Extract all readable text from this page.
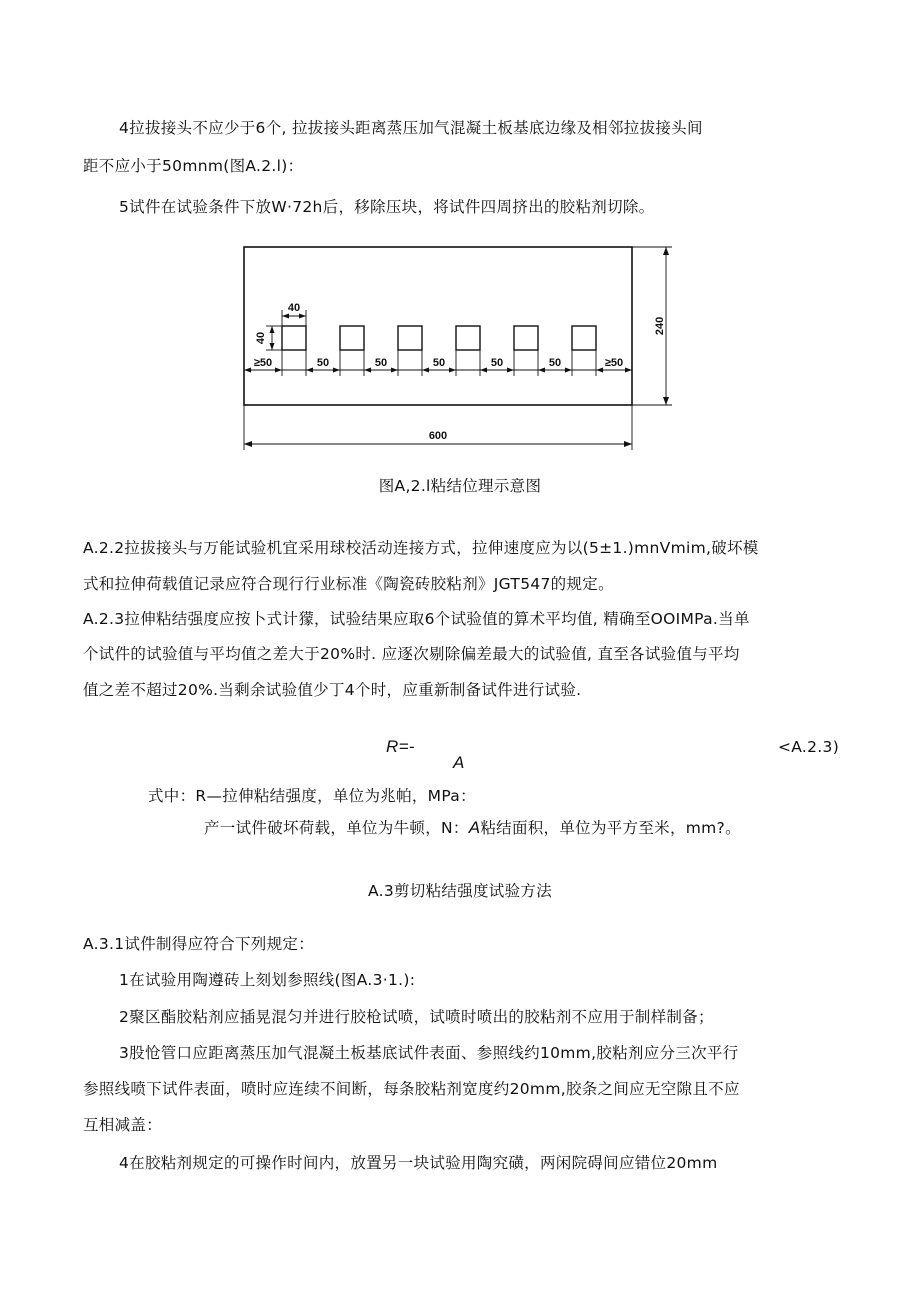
4拉拔接头不应少于6个, 拉拔接头距离蒸压加气混凝土板基底边缘及相邻拉拔接头间
距不应小于50mnm(图A.2.l)：
5试件在试验条件下放W·72h后，移除压块，将试件四周挤出的胶粘剂切除。
40
40
≥50	50	50	50	50	50	≥50
600
240
图A,2.l粘结位理示意图
A.2.2拉拔接头与万能试验机宜采用球校活动连接方式，拉伸速度应为以(5±1.)mnVmim,破坏模
式和拉伸荷载值记录应符合现行行业标准《陶瓷砖胶粘剂》JGT547的规定。
A.2.3拉伸粘结强度应按卜式计獴，试验结果应取6个试验值的算术平均值, 精确至OOIMPa.当单
个试件的试验值与平均值之差大于20%时. 应逐次剔除偏差最大的试验值, 直至各试验值与平均
值之差不超过20%.当剩余试验值少丁4个时，应重新制备试件进行试验.
R=-
A
<A.2.3)
式中：R—拉伸粘结强度，单位为兆帕，MPa：
产一试件破坏荷载，单位为牛顿，N：A粘结面积，单位为平方至米，mm?。
A.3剪切粘结强度试验方法
A.3.1试件制得应符合下列规定：
1在试验用陶遵砖上刻划参照线(图A.3·1.):
2聚区酯胶粘剂应插晃混匀并进行胶枪试喷，试喷时喷出的胶粘剂不应用于制样制备；
3股怆管口应距离蒸压加气混凝土板基底试件表面、参照线约10mm,胶粘剂应分三次平行
参照线喷下试件表面，喷时应连续不间断，每条胶粘剂宽度约20mm,胶条之间应无空隙且不应
互相减盖：
4在胶粘剂规定的可操作时间内，放置另一块试验用陶究磺，两闲院碍间应错位20mm
